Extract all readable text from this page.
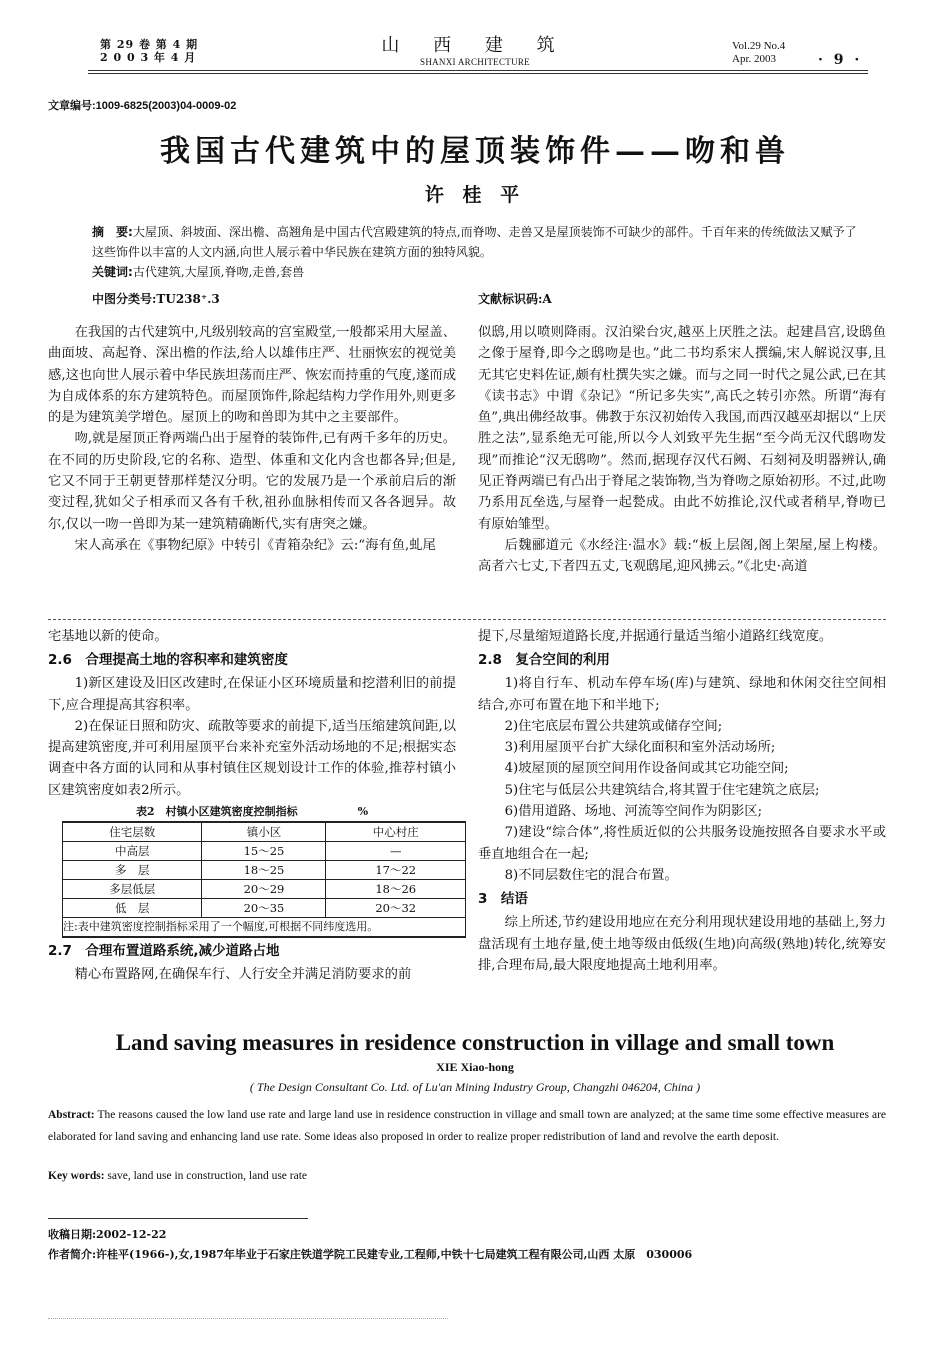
第 29 卷 第 4 期
2 0 0 3 年 4 月
山 西 建 筑
SHANXI ARCHITECTURE
Vol.29 No.4
Apr. 2003	· 9 ·
文章编号:1009-6825(2003)04-0009-02
我国古代建筑中的屋顶装饰件——吻和兽
许 桂 平
摘　要:大屋顶、斜坡面、深出檐、高翘角是中国古代宫殿建筑的特点,而脊吻、走兽又是屋顶装饰不可缺少的部件。千百年来的传统做法又赋予了这些饰件以丰富的人文内涵,向世人展示着中华民族在建筑方面的独特风貌。
关键词:古代建筑,大屋顶,脊吻,走兽,套兽
中图分类号:TU238⁺.3	文献标识码:A

在我国的古代建筑中,凡级别较高的宫室殿堂,一般都采用大屋盖、曲面坡、高起脊、深出檐的作法,给人以雄伟庄严、壮丽恢宏的视觉美感,这也向世人展示着中华民族坦荡而庄严、恢宏而持重的气度,遂而成为自成体系的东方建筑特色。而屋顶饰件,除起结构力学作用外,则更多的是为建筑美学增色。屋顶上的吻和兽即为其中之主要部件。

吻,就是屋顶正脊两端凸出于屋脊的装饰件,已有两千多年的历史。在不同的历史阶段,它的名称、造型、体重和文化内含也都各异;但是,它又不同于王朝更替那样楚汉分明。它的发展乃是一个承前启后的渐变过程,犹如父子相承而又各有千秋,祖孙血脉相传而又各各迥异。故尔,仅以一吻一兽即为某一建筑精确断代,实有唐突之嫌。

宋人高承在《事物纪原》中转引《青箱杂纪》云:“海有鱼,虬尾

似鸱,用以喷则降雨。汉泊梁台灾,越巫上厌胜之法。起建昌宫,设鸱鱼之像于屋脊,即今之鸱吻是也。”此二书均系宋人撰编,宋人解说汉事,且无其它史料佐证,颇有杜撰失实之嫌。而与之同一时代之晁公武,已在其《读书志》中谓《杂记》“所记多失实”,高氏之转引亦然。所谓“海有鱼”,典出佛经故事。佛教于东汉初始传入我国,而西汉越巫却据以“上厌胜之法”,显系绝无可能,所以今人刘致平先生据“至今尚无汉代鸱吻发现”而推论“汉无鸱吻”。然而,据现存汉代石阙、石刻祠及明器辨认,确见正脊两端已有凸出于脊尾之装饰物,当为脊吻之原始初形。不过,此吻乃系用瓦垒选,与屋脊一起甃成。由此不妨推论,汉代或者稍早,脊吻已有原始雏型。

后魏郦道元《水经注·温水》载:“板上层阁,阁上架屋,屋上构楼。高者六七丈,下者四五丈,飞观鸱尾,迎风拂云。”《北史·高道

宅基地以新的使命。

2.6　合理提高土地的容积率和建筑密度

1)新区建设及旧区改建时,在保证小区环境质量和挖潜利旧的前提下,应合理提高其容积率。

2)在保证日照和防灾、疏散等要求的前提下,适当压缩建筑间距,以提高建筑密度,并可利用屋顶平台来补充室外活动场地的不足;根据实态调查中各方面的认同和从事村镇住区规划设计工作的体验,推荐村镇小区建筑密度如表2所示。

表2　村镇小区建筑密度控制指标	%
住宅层数	镇小区	中心村庄
中高层	15～25	—
多　层	18～25	17～22
多层低层	20～29	18～26
低　层	20～35	20～32
注:表中建筑密度控制指标采用了一个幅度,可根据不同纬度选用。		
2.7　合理布置道路系统,减少道路占地

精心布置路网,在确保车行、人行安全并满足消防要求的前

提下,尽量缩短道路长度,并据通行量适当缩小道路红线宽度。

2.8　复合空间的利用

1)将自行车、机动车停车场(库)与建筑、绿地和休闲交往空间相结合,亦可布置在地下和半地下;

2)住宅底层布置公共建筑或储存空间;

3)利用屋顶平台扩大绿化面积和室外活动场所;

4)坡屋顶的屋顶空间用作设备间或其它功能空间;

5)住宅与低层公共建筑结合,将其置于住宅建筑之底层;

6)借用道路、场地、河流等空间作为阴影区;

7)建设“综合体”,将性质近似的公共服务设施按照各自要求水平或垂直地组合在一起;

8)不同层数住宅的混合布置。

3　结语

综上所述,节约建设用地应在充分利用现状建设用地的基础上,努力盘活现有土地存量,使土地等级由低级(生地)向高级(熟地)转化,统筹安排,合理布局,最大限度地提高土地利用率。

Land saving measures in residence construction in village and small town
XIE Xiao-hong
( The Design Consultant Co. Ltd. of Lu'an Mining Industry Group, Changzhi 046204, China )
Abstract: The reasons caused the low land use rate and large land use in residence construction in village and small town are analyzed; at the same time some effective measures are elaborated for land saving and enhancing land use rate. Some ideas also proposed in order to realize proper redistribution of land and revolve the earth deposit.
Key words: save, land use in construction, land use rate
收稿日期:2002-12-22
作者简介:许桂平(1966-),女,1987年毕业于石家庄铁道学院工民建专业,工程师,中铁十七局建筑工程有限公司,山西 太原　030006
